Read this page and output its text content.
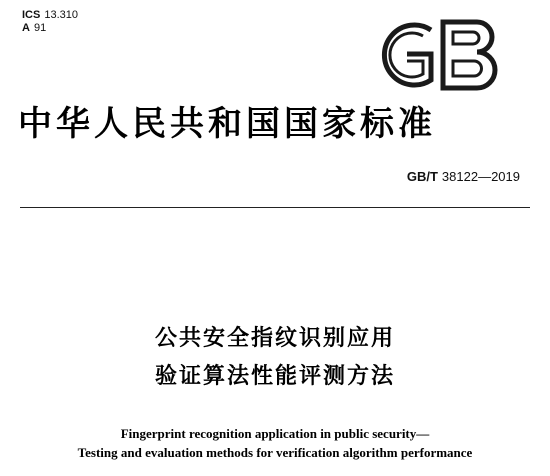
ICS 13.310
A 91
中华人民共和国国家标准
GB/T 38122—2019
公共安全指纹识别应用
验证算法性能评测方法
Fingerprint recognition application in public security—
Testing and evaluation methods for verification algorithm performance
